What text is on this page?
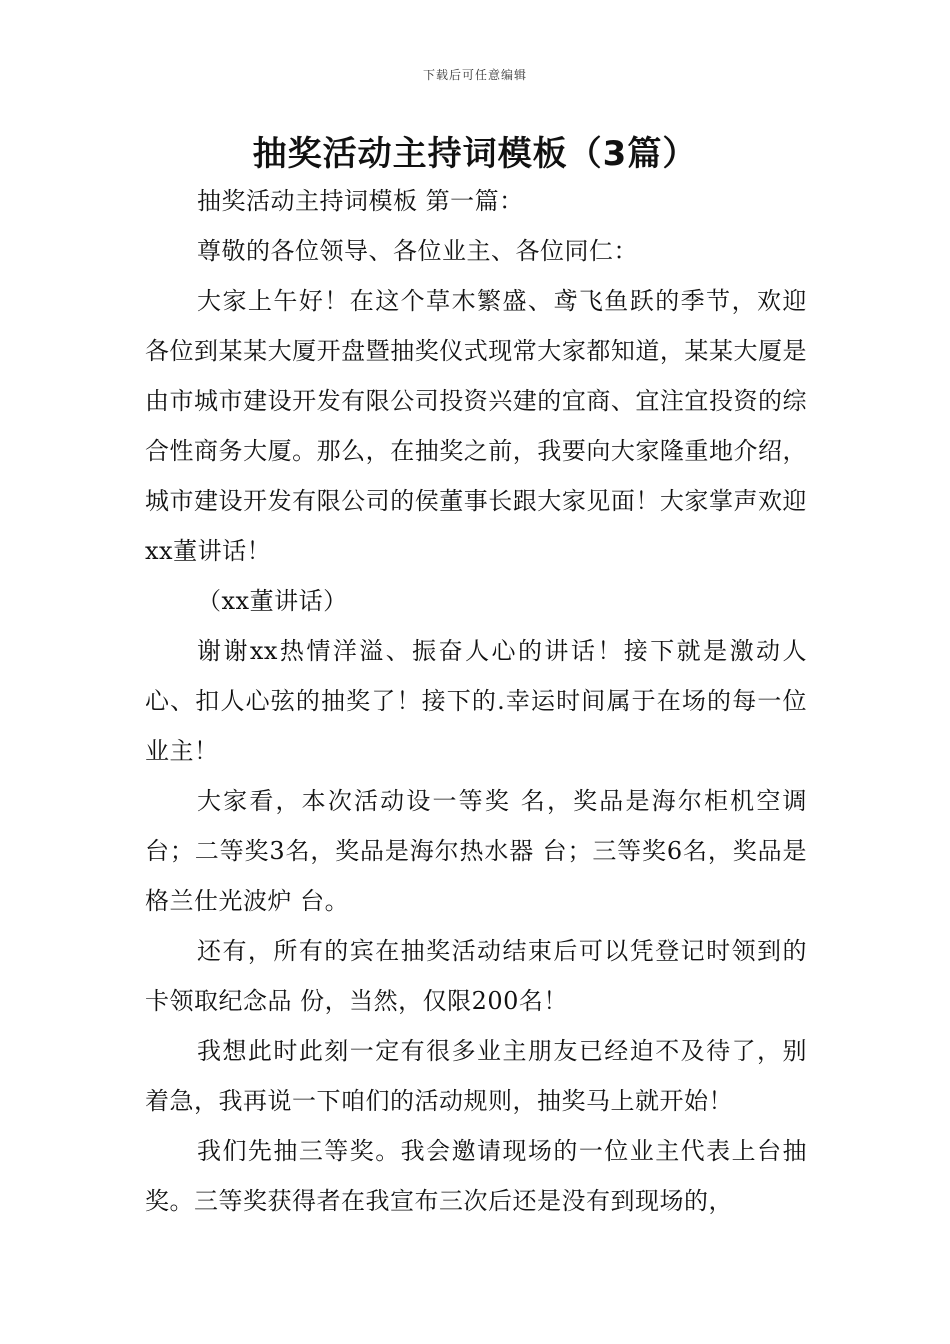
下载后可任意编辑
抽奖活动主持词模板（3篇）

抽奖活动主持词模板 第一篇：

尊敬的各位领导、各位业主、各位同仁：

大家上午好！在这个草木繁盛、鸢飞鱼跃的季节，欢迎各位到某某大厦开盘暨抽奖仪式现常大家都知道，某某大厦是由市城市建设开发有限公司投资兴建的宜商、宜注宜投资的综合性商务大厦。那么，在抽奖之前，我要向大家隆重地介绍，城市建设开发有限公司的侯董事长跟大家见面！大家掌声欢迎xx董讲话！

（xx董讲话）

谢谢xx热情洋溢、振奋人心的讲话！接下就是激动人心、扣人心弦的抽奖了！接下的.幸运时间属于在场的每一位业主！

大家看，本次活动设一等奖 名，奖品是海尔柜机空调 台；二等奖3名，奖品是海尔热水器 台；三等奖6名，奖品是格兰仕光波炉 台。

还有，所有的宾在抽奖活动结束后可以凭登记时领到的卡领取纪念品 份，当然，仅限200名！

我想此时此刻一定有很多业主朋友已经迫不及待了，别着急，我再说一下咱们的活动规则，抽奖马上就开始！

我们先抽三等奖。我会邀请现场的一位业主代表上台抽奖。三等奖获得者在我宣布三次后还是没有到现场的，
